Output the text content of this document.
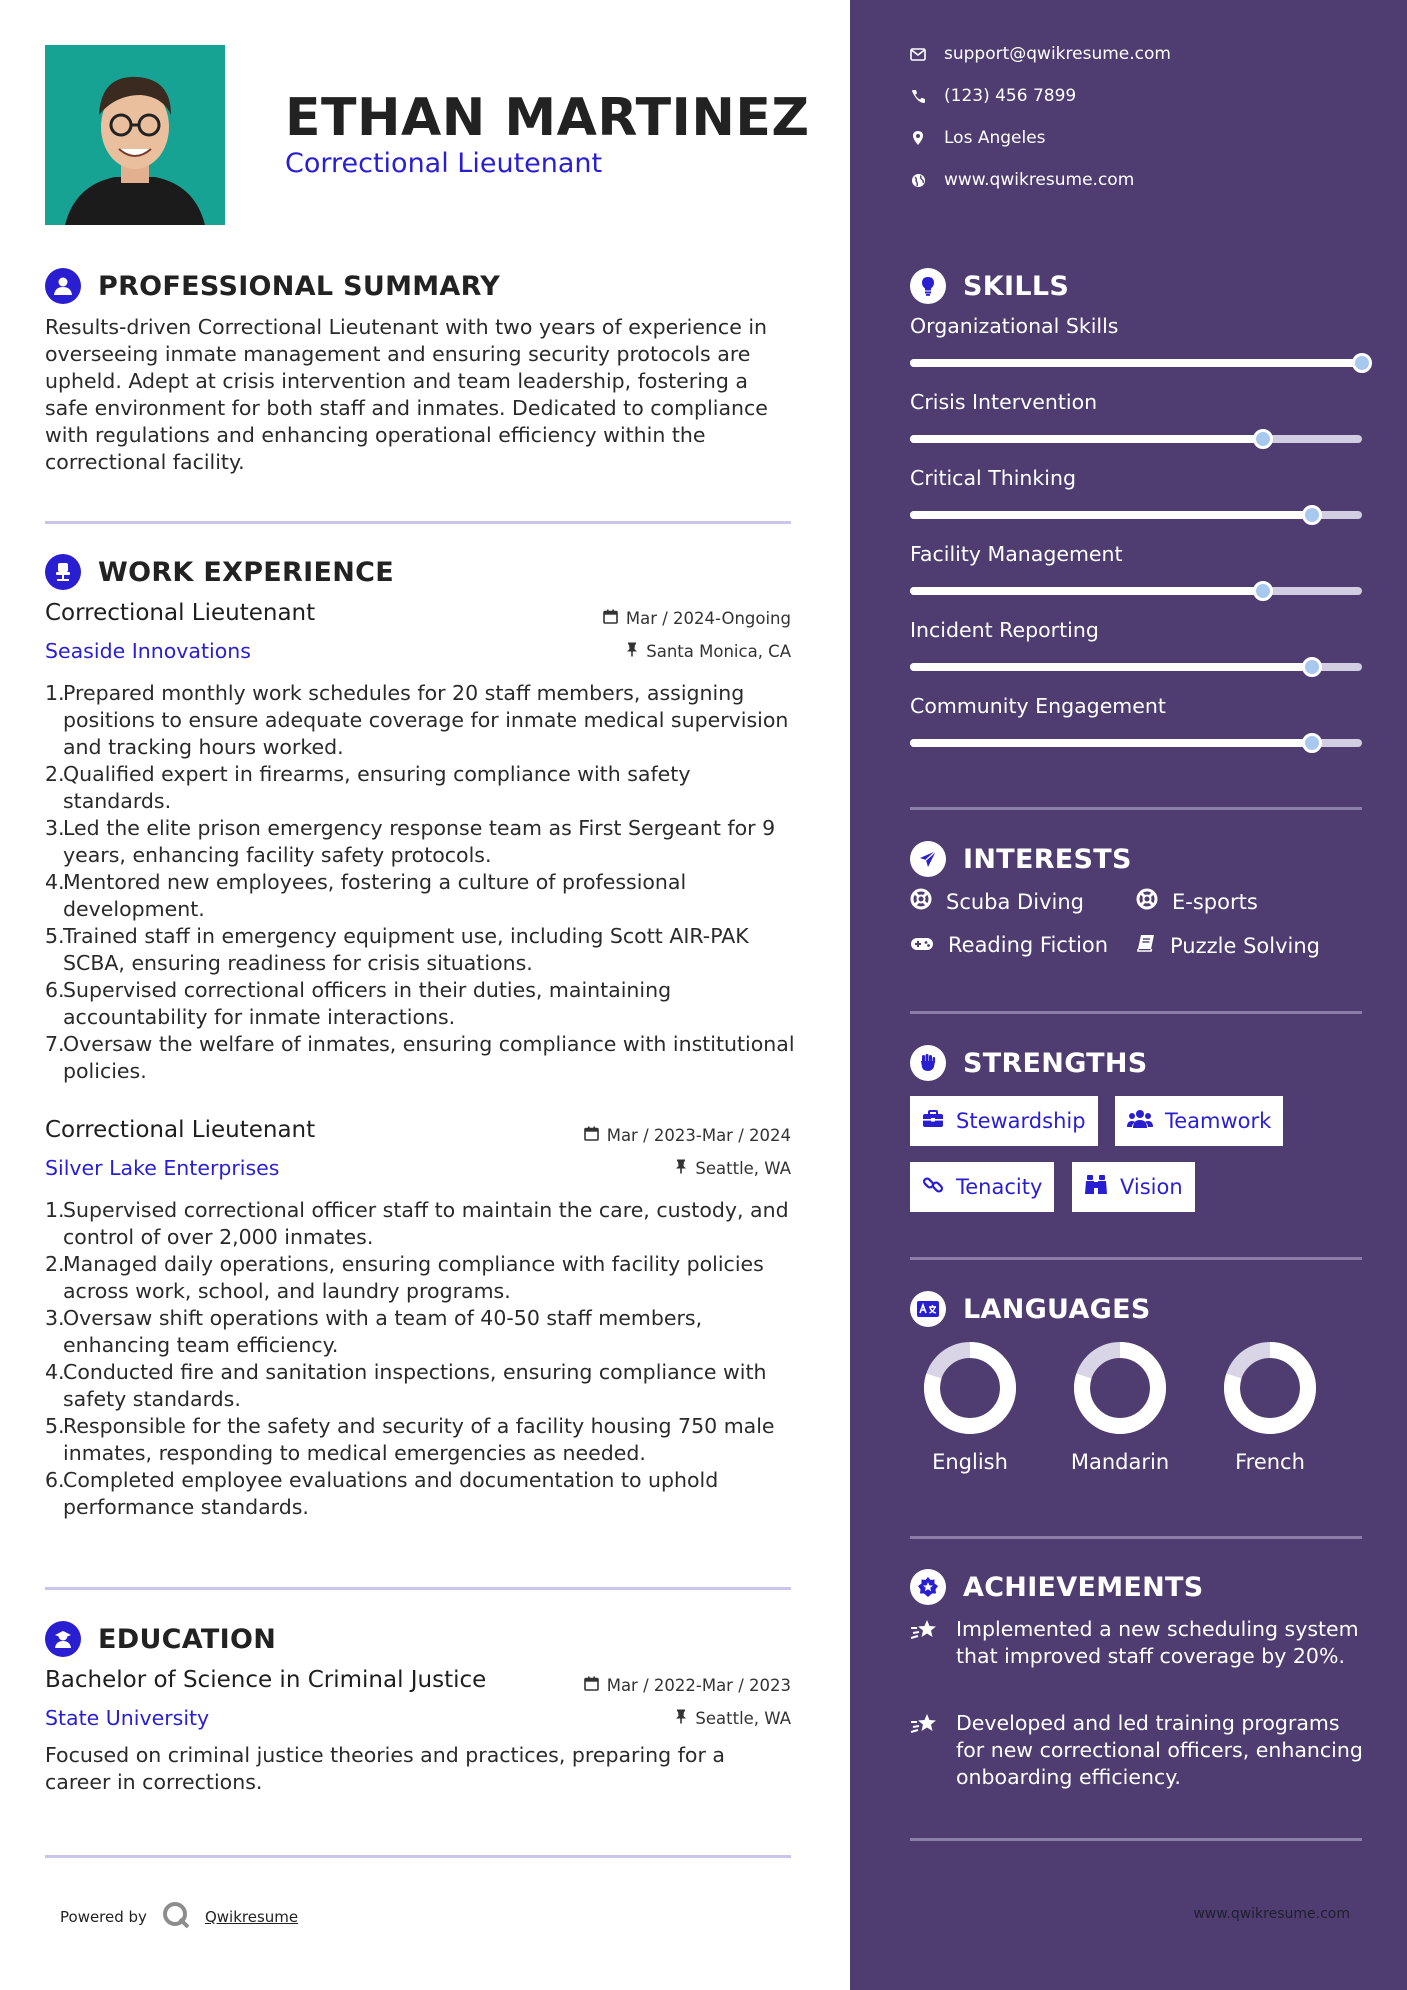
ETHAN MARTINEZ
Correctional Lieutenant
PROFESSIONAL SUMMARY
Results-driven Correctional Lieutenant with two years of experience in overseeing inmate management and ensuring security protocols are upheld. Adept at crisis intervention and team leadership, fostering a safe environment for both staff and inmates. Dedicated to compliance with regulations and enhancing operational efficiency within the correctional facility.
WORK EXPERIENCE
Correctional Lieutenant	Mar / 2024-Ongoing
Seaside Innovations	Santa Monica, CA
1.
Prepared monthly work schedules for 20 staff members, assigning positions to ensure adequate coverage for inmate medical supervision and tracking hours worked.
2.
Qualified expert in firearms, ensuring compliance with safety standards.
3.
Led the elite prison emergency response team as First Sergeant for 9 years, enhancing facility safety protocols.
4.
Mentored new employees, fostering a culture of professional development.
5.
Trained staff in emergency equipment use, including Scott AIR-PAK SCBA, ensuring readiness for crisis situations.
6.
Supervised correctional officers in their duties, maintaining accountability for inmate interactions.
7.
Oversaw the welfare of inmates, ensuring compliance with institutional policies.
Correctional Lieutenant	Mar / 2023-Mar / 2024
Silver Lake Enterprises	Seattle, WA
1.
Supervised correctional officer staff to maintain the care, custody, and control of over 2,000 inmates.
2.
Managed daily operations, ensuring compliance with facility policies across work, school, and laundry programs.
3.
Oversaw shift operations with a team of 40-50 staff members, enhancing team efficiency.
4.
Conducted fire and sanitation inspections, ensuring compliance with safety standards.
5.
Responsible for the safety and security of a facility housing 750 male inmates, responding to medical emergencies as needed.
6.
Completed employee evaluations and documentation to uphold performance standards.
EDUCATION
Bachelor of Science in Criminal Justice	Mar / 2022-Mar / 2023
State University	Seattle, WA
Focused on criminal justice theories and practices, preparing for a career in corrections.
Powered by	Qwikresume
support@qwikresume.com
(123) 456 7899
Los Angeles
www.qwikresume.com
SKILLS
Organizational Skills
Crisis Intervention
Critical Thinking
Facility Management
Incident Reporting
Community Engagement
INTERESTS
Scuba Diving	E-sports
Reading Fiction	Puzzle Solving
STRENGTHS
Stewardship	Teamwork
Tenacity	Vision
LANGUAGES
English	Mandarin	French
ACHIEVEMENTS
Implemented a new scheduling system that improved staff coverage by 20%.
Developed and led training programs for new correctional officers, enhancing onboarding efficiency.
www.qwikresume.com
